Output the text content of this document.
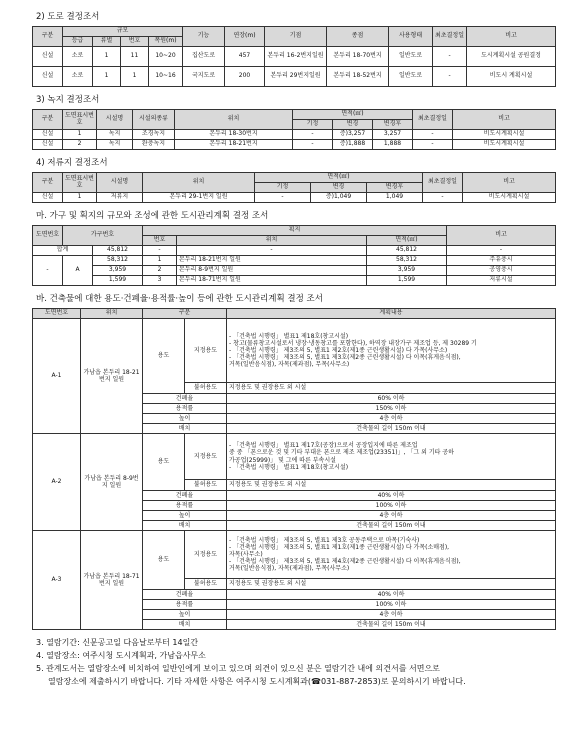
2) 도로 결정조서
구분	규모				기능	연장(m)	기점	종점	사용형태	최초결정일	비고
	등급	류별	번호	폭원(m)							
신설	소로	1	11	10~20	집산도로	457	본두리 16-2번지일원	본두리 18-70번지	일반도로	-	도시계획시설 공원결정
신설	소로	1	1	10~16	국지도로	200	본두리 29번지일원	본두리 18-52번지	일반도로	-	비도시 계획시설
3) 녹지 결정조서
구분	도면표시번호	시설명	시설의종류	위치	면적(㎡)			최초결정일	비고
					기정	변경	변경후		
신설	1	녹지	조경녹지	본두리 18-30번지	-	증)3,257	3,257	-	비도시계획시설
신설	2	녹지	완충녹지	본두리 18-21번지	-	증)1,888	1,888	-	비도시계획시설
4) 저류지 결정조서
구분	도면표시번호	시설명	위치	면적(㎡)			최초결정일	비고
				기정	변경	변경후		
신설	1	저류지	본두리 29-1번지 일원	-	증)1,049	1,049	-	비도시계획시설
마. 가구 및 획지의 규모와 조성에 관한 도시관리계획 결정 조서
도면번호	가구번호		획지			비고
			번호	위치	면적(㎡)	
합계		45,812	-	-	45,812	-
-	A	58,312	1	본두리 18-21번지 일원	58,312	주유충시
		3,959	2	본두리 8-9번지 일원	3,959	공영충시
		1,599	3	본두리 18-71번지 일원	1,599	저류시설
바. 건축물에 대한 용도·건폐율·용적률·높이 등에 관한 도시관리계획 결정 조서
도면번호	위치	구분		계획내용
A-1	가남읍 본두리 18-21번지 일원	용도	지정용도	- 「건축법 시행령」 별표1 제18호(창고시설)
- 창고(물류창고시설로서 냉장·냉동창고를 포함한다), 하역장 내장가구 제조업 등, 제 30289 기
- 「건축법 시행령」 제3조의 5, 별표1 제2호(제1종 근린생활시설) 다 가목(사무소)
- 「건축법 시행령」 제3조의 5, 별표1 제3호(제2종 근린생활시설) 다 이목(휴게음식점),
거목(일반음식점), 자목(제과점), 무목(사무소)
			불허용도	지정용도 및 권장용도 외 시설
		건폐율		60% 이하
		용적률		150% 이하
		높이		4층 이하
		배치		건축물의 길이 150m 이내
A-2	가남읍 본두리 8-9번지 일원	용도	지정용도	- 「건축법 시행령」 별표1 제17호(공장)으로서 공장입지에 따른 제조업
중 중 「폰으로운 것 및 기타 부대운 폰으로 제조 제조업(23351)」, 「그 외 기타 공하
가공업(25999)」 및 그에 따른 부속시설
- 「건축법 시행령」 별표1 제18호(창고시설)
			불허용도	지정용도 및 권장용도 외 시설
		건폐율		40% 이하
		용적률		100% 이하
		높이		4층 이하
		배치		건축물의 길이 150m 이내
A-3	가남읍 본두리 18-71번지 일원	용도	지정용도	- 「건축법 시행령」 제3조의 5, 별표1 제3호 공동주택으로 마목(기숙사)
- 「건축법 시행령」 제3조의 5, 별표1 제1호(제1종 근린생활시설) 다 가목(소매점),
자목(사무소)
- 「건축법 시행령」 제3조의 5, 별표1 제4호(제2종 근린생활시설) 다 이목(휴게음식점),
거목(일반음식점), 자목(제과점), 무목(사무소)
			불허용도	지정용도 및 권장용도 외 시설
		건폐율		40% 이하
		용적률		100% 이하
		높이		4층 이하
		배치		건축물의 길이 150m 이내

3. 열람기간: 신문공고일 다음날로부터 14일간

4. 열람장소: 여주시청 도시계획과, 가남읍사무소

5. 관계도서는 열람장소에 비치하여 일반인에게 보이고 있으며 의견이 있으신 분은 열람기간 내에 의견서를 서면으로

열람장소에 제출하시기 바랍니다. 기타 자세한 사항은 여주시청 도시계획과(☎031-887-2853)로 문의하시기 바랍니다.
